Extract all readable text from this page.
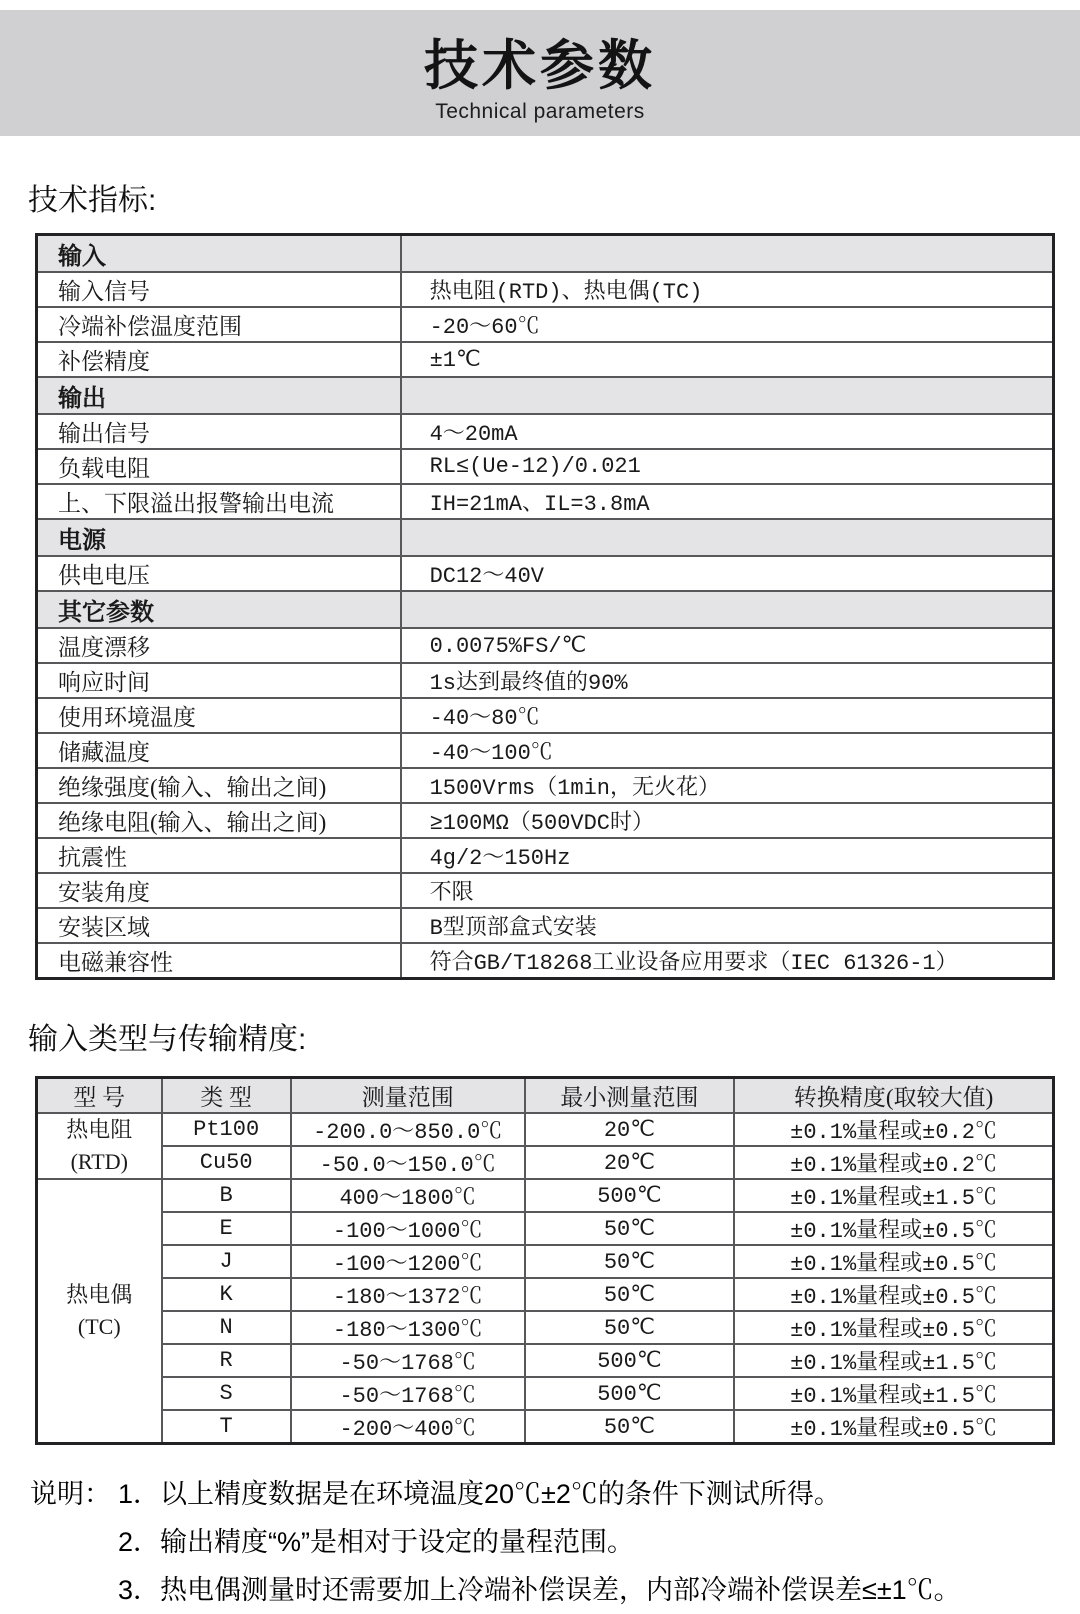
技术参数
Technical parameters
技术指标:
输入	
输入信号	热电阻(RTD)、热电偶(TC)
冷端补偿温度范围	-20～60℃
补偿精度	±1℃
输出	
输出信号	4～20mA
负载电阻	RL≤(Ue-12)/0.021
上、下限溢出报警输出电流	IH=21mA、IL=3.8mA
电源	
供电电压	DC12～40V
其它参数	
温度漂移	0.0075%FS/℃
响应时间	1s达到最终值的90%
使用环境温度	-40～80℃
储藏温度	-40～100℃
绝缘强度(输入、输出之间)	1500Vrms（1min，无火花）
绝缘电阻(输入、输出之间)	≥100MΩ（500VDC时）
抗震性	4g/2～150Hz
安装角度	不限
安装区域	B型顶部盒式安装
电磁兼容性	符合GB/T18268工业设备应用要求（IEC 61326-1）
输入类型与传输精度:
型 号	类 型	测量范围	最小测量范围	转换精度(取较大值)

热电阻
(RTD)	Pt100	-200.0～850.0℃	20℃	±0.1%量程或±0.2℃
	Cu50	-50.0～150.0℃	20℃	±0.1%量程或±0.2℃

热电偶
(TC)	B	400～1800℃	500℃	±0.1%量程或±1.5℃
	E	-100～1000℃	50℃	±0.1%量程或±0.5℃
	J	-100～1200℃	50℃	±0.1%量程或±0.5℃
	K	-180～1372℃	50℃	±0.1%量程或±0.5℃
	N	-180～1300℃	50℃	±0.1%量程或±0.5℃
	R	-50～1768℃	500℃	±0.1%量程或±1.5℃
	S	-50～1768℃	500℃	±0.1%量程或±1.5℃
	T	-200～400℃	50℃	±0.1%量程或±0.5℃
说明： 1．以上精度数据是在环境温度20℃±2℃的条件下测试所得。
2．输出精度“%”是相对于设定的量程范围。
3．热电偶测量时还需要加上冷端补偿误差，内部冷端补偿误差≤±1℃。
